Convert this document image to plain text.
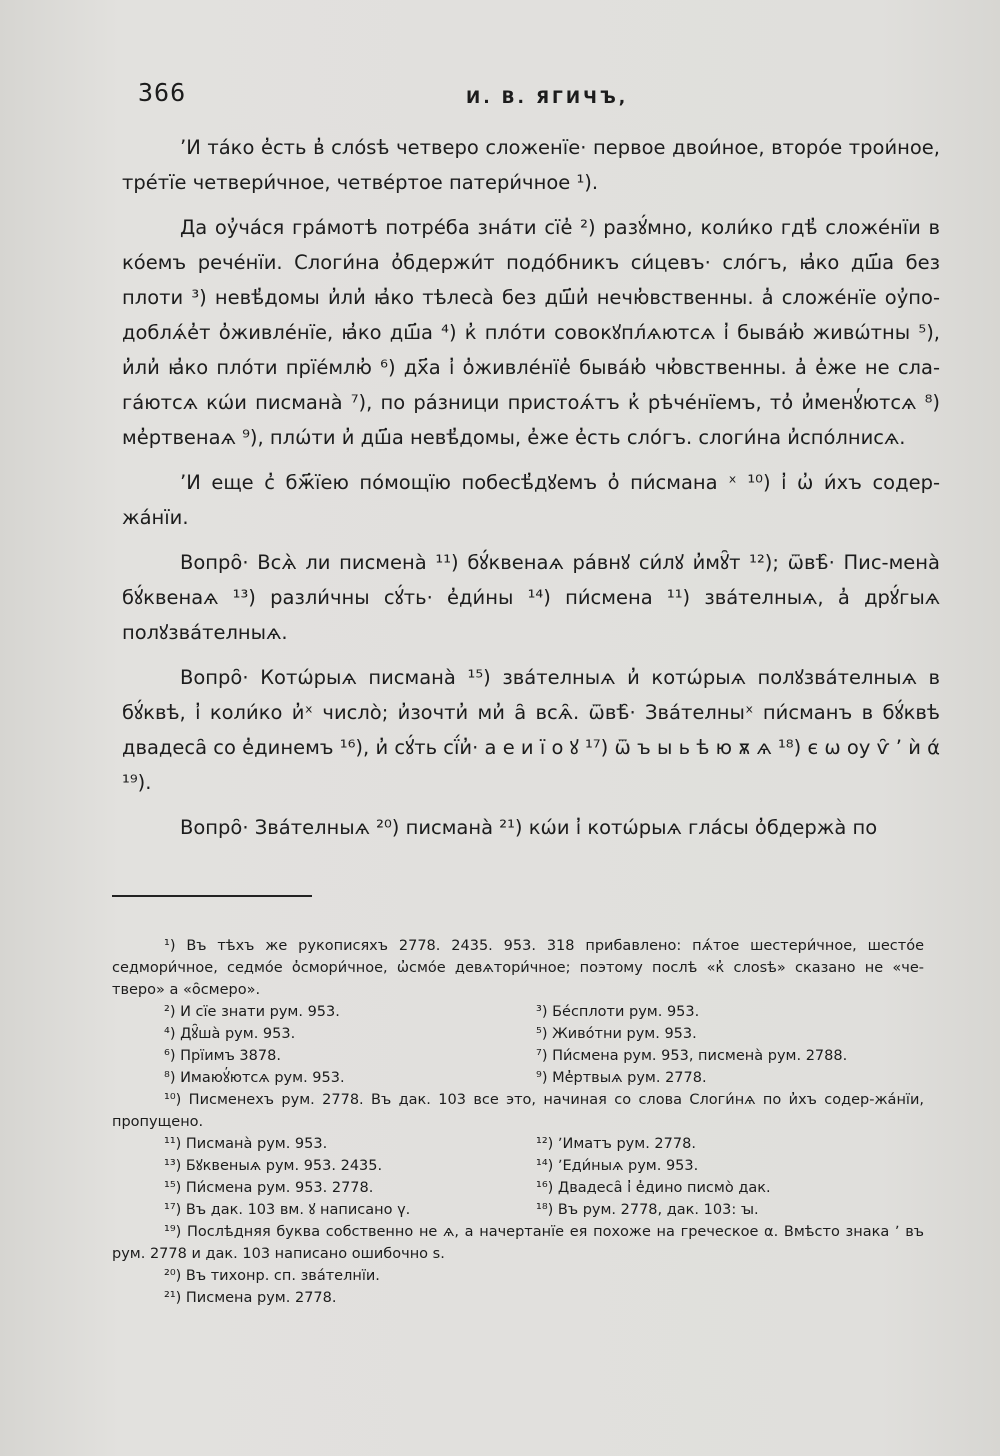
366	И. В. ЯГИЧЪ,

ʼИ та́ко е̓сть в̓ сло́ѕѣ четверо сложенїе· первое двои́ное, второ́е трои́ное, тре́тїе четвери́чное, четве́ртое патери́чное ¹).

Да оу̓ча́ся гра́мотѣ потре́ба зна́ти сїе̓ ²) разꙋ́мно, коли́ко гдѣ̓ сложе́нїи в ко́емъ рече́нїи. Слоги́на о̓бдержи́т подо́бникъ си́цевъ· сло́гъ, ꙗ̓ко дш҃а без плоти ³) невѣ̓домы и̓ли̓ ꙗ̓ко тѣлеса̀ без дш҃и̓ нечю̓вственны. а̓ сложе́нїе оу̓по-доблѧ́е̓т о̓живле́нїе, ꙗ̓ко дш҃а ⁴) к̓ пло́ти совокꙋпл́ѧютсѧ і̓ быва́ю̓ живѡ́тны ⁵), и̓ли̓ ꙗ̓ко пло́ти прїе́млю̓ ⁶) дх҃а і̓ о̓живле́нїе̓ быва́ю̓ чю̓вственны. а̓ е̓же не сла-га́ютсѧ кѡ́и писмана̀ ⁷), по ра́зници пристоѧ́тъ к̓ рѣче́нїемъ, то̓ и̓менꙋ̓ютсѧ ⁸) ме̓ртвенаѧ ⁹), плѡ́ти и̓ дш҃а невѣ̓домы, е̓же е̓сть сло́гъ. слоги́на и̓спо́лнисѧ.

ʼИ еще с̓ бж҃їею по́мощїю побесѣ̓дꙋемъ о̓ пи́смана ˣ ¹⁰) і̓ ѡ̓ и́хъ содер-жа́нїи.

Вопро̑· Всѧ̀ ли писмена̀ ¹¹) бꙋ́квенаѧ ра́внꙋ си́лꙋ и̓мꙋ̑т ¹²); ѿвѣ̑· Пис-мена̀ бꙋ́квенаѧ ¹³) разли́чны сꙋ́ть· е̓ди́ны ¹⁴) пи́смена ¹¹) зва́телныѧ, а̓ дрꙋ́гыѧ полꙋзва́телныѧ.

Вопро̑· Котѡ́рыѧ писмана̀ ¹⁵) зва́телныѧ и̓ котѡ́рыѧ полꙋзва́телныѧ в бꙋ́квѣ, і̓ коли́ко и̓ˣ число̀; и̓зочти̓ ми̓ а̑ всѧ̑. ѿвѣ̑· Зва́телныˣ пи́сманъ в бꙋ́квѣ двадеса̑ со е̓динемъ ¹⁶), и̓ сꙋ́ть сї́и̓· а е и ї о ꙋ ¹⁷) ѿ ъ ы ь ѣ ю ѫ ѧ ¹⁸) є ѡ оу ѵ̑ ʼ ѝ ά ¹⁹).

Вопро̑· Зва́телныѧ ²⁰) писмана̀ ²¹) кѡ́и і̓ котѡ́рыѧ гла́сы о̓бдержа̀ по

¹) Въ тѣхъ же рукописяхъ 2778. 2435. 953. 318 прибавлено: пѧ́тое шестери́чное, шесто́е седмори́чное, седмо́е о̓смори́чное, ѡ̓смо́е девѧтори́чное; поэтому послѣ «к̓ слоѕѣ» сказано не «че-тверо» а «о̑смеро».

²) И сїе знати рум. 953.	³) Бе́сплоти рум. 953.
⁴) Дꙋ̑ша̀ рум. 953.	⁵) Живо́тни рум. 953.
⁶) Прїимъ 3878.	⁷) Пи́смена рум. 953, писмена̀ рум. 2788.
⁸) Имаюꙋ̓ютсѧ рум. 953.	⁹) Ме̓ртвыѧ рум. 2778.

¹⁰) Писменехъ рум. 2778. Въ дак. 103 все это, начиная со слова Слоги́нѧ по и̓хъ содер-жа́нїи, пропущено.

¹¹) Писмана̀ рум. 953.	¹²) ʼИматъ рум. 2778.
¹³) Бꙋквеныѧ рум. 953. 2435.	¹⁴) ʼЕди́ныѧ рум. 953.
¹⁵) Пи́смена рум. 953. 2778.	¹⁶) Двадеса̑ і̓ е̓дино писмо̀ дак.
¹⁷) Въ дак. 103 вм. ꙋ написано ү.	¹⁸) Въ рум. 2778, дак. 103: ꙑ.

¹⁹) Послѣдняя буква собственно не ѧ, а начертанїе ея похоже на греческое α. Вмѣсто знака ʼ въ рум. 2778 и дак. 103 написано ошибочно ѕ.

²⁰) Въ тихонр. сп. зва́телнїи.

²¹) Писмена рум. 2778.
